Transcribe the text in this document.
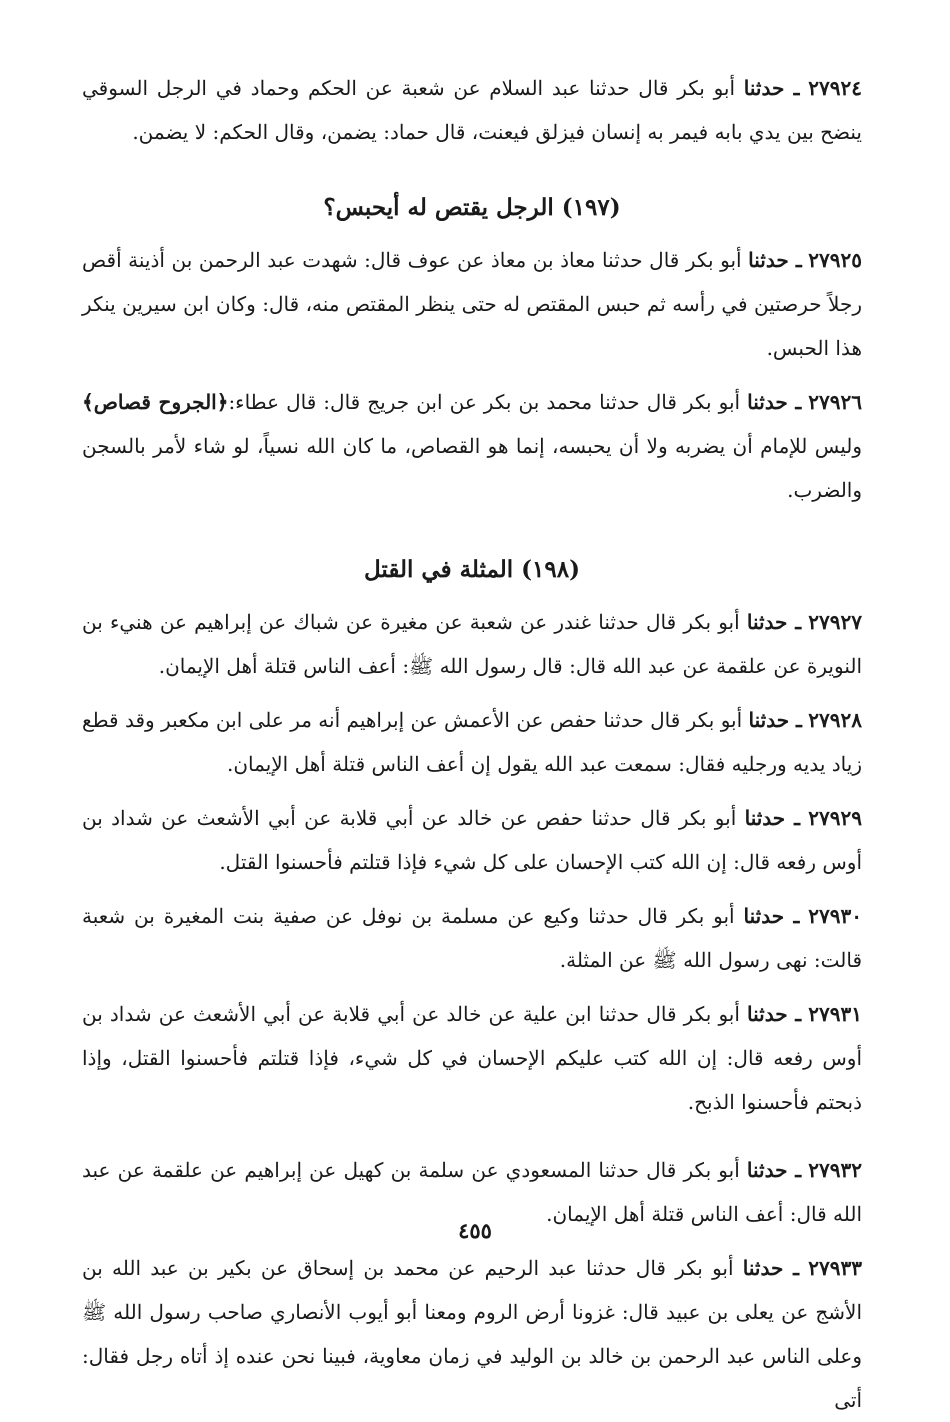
٢٧٩٢٤ ـ حدثنا أبو بكر قال حدثنا عبد السلام عن شعبة عن الحكم وحماد في الرجل السوقي ينضح بين يدي بابه فيمر به إنسان فيزلق فيعنت، قال حماد: يضمن، وقال الحكم: لا يضمن.

(١٩٧) الرجل يقتص له أيحبس؟

٢٧٩٢٥ ـ حدثنا أبو بكر قال حدثنا معاذ بن معاذ عن عوف قال: شهدت عبد الرحمن بن أذينة أقص رجلاً حرصتين في رأسه ثم حبس المقتص له حتى ينظر المقتص منه، قال: وكان ابن سيرين ينكر هذا الحبس.

٢٧٩٢٦ ـ حدثنا أبو بكر قال حدثنا محمد بن بكر عن ابن جريج قال: قال عطاء:﴿الجروح قصاص﴾ وليس للإمام أن يضربه ولا أن يحبسه، إنما هو القصاص، ما كان الله نسياً، لو شاء لأمر بالسجن والضرب.

(١٩٨) المثلة في القتل

٢٧٩٢٧ ـ حدثنا أبو بكر قال حدثنا غندر عن شعبة عن مغيرة عن شباك عن إبراهيم عن هنيء بن النويرة عن علقمة عن عبد الله قال: قال رسول الله ﷺ: أعف الناس قتلة أهل الإيمان.

٢٧٩٢٨ ـ حدثنا أبو بكر قال حدثنا حفص عن الأعمش عن إبراهيم أنه مر على ابن مكعبر وقد قطع زياد يديه ورجليه فقال: سمعت عبد الله يقول إن أعف الناس قتلة أهل الإيمان.

٢٧٩٢٩ ـ حدثنا أبو بكر قال حدثنا حفص عن خالد عن أبي قلابة عن أبي الأشعث عن شداد بن أوس رفعه قال: إن الله كتب الإحسان على كل شيء فإذا قتلتم فأحسنوا القتل.

٢٧٩٣٠ ـ حدثنا أبو بكر قال حدثنا وكيع عن مسلمة بن نوفل عن صفية بنت المغيرة بن شعبة قالت: نهى رسول الله ﷺ عن المثلة.

٢٧٩٣١ ـ حدثنا أبو بكر قال حدثنا ابن علية عن خالد عن أبي قلابة عن أبي الأشعث عن شداد بن أوس رفعه قال: إن الله كتب عليكم الإحسان في كل شيء، فإذا قتلتم فأحسنوا القتل، وإذا ذبحتم فأحسنوا الذبح.

٢٧٩٣٢ ـ حدثنا أبو بكر قال حدثنا المسعودي عن سلمة بن كهيل عن إبراهيم عن علقمة عن عبد الله قال: أعف الناس قتلة أهل الإيمان.

٢٧٩٣٣ ـ حدثنا أبو بكر قال حدثنا عبد الرحيم عن محمد بن إسحاق عن بكير بن عبد الله بن الأشج عن يعلى بن عبيد قال: غزونا أرض الروم ومعنا أبو أيوب الأنصاري صاحب رسول الله ﷺ وعلى الناس عبد الرحمن بن خالد بن الوليد في زمان معاوية، فبينا نحن عنده إذ أتاه رجل فقال: أتى

٤٥٥
